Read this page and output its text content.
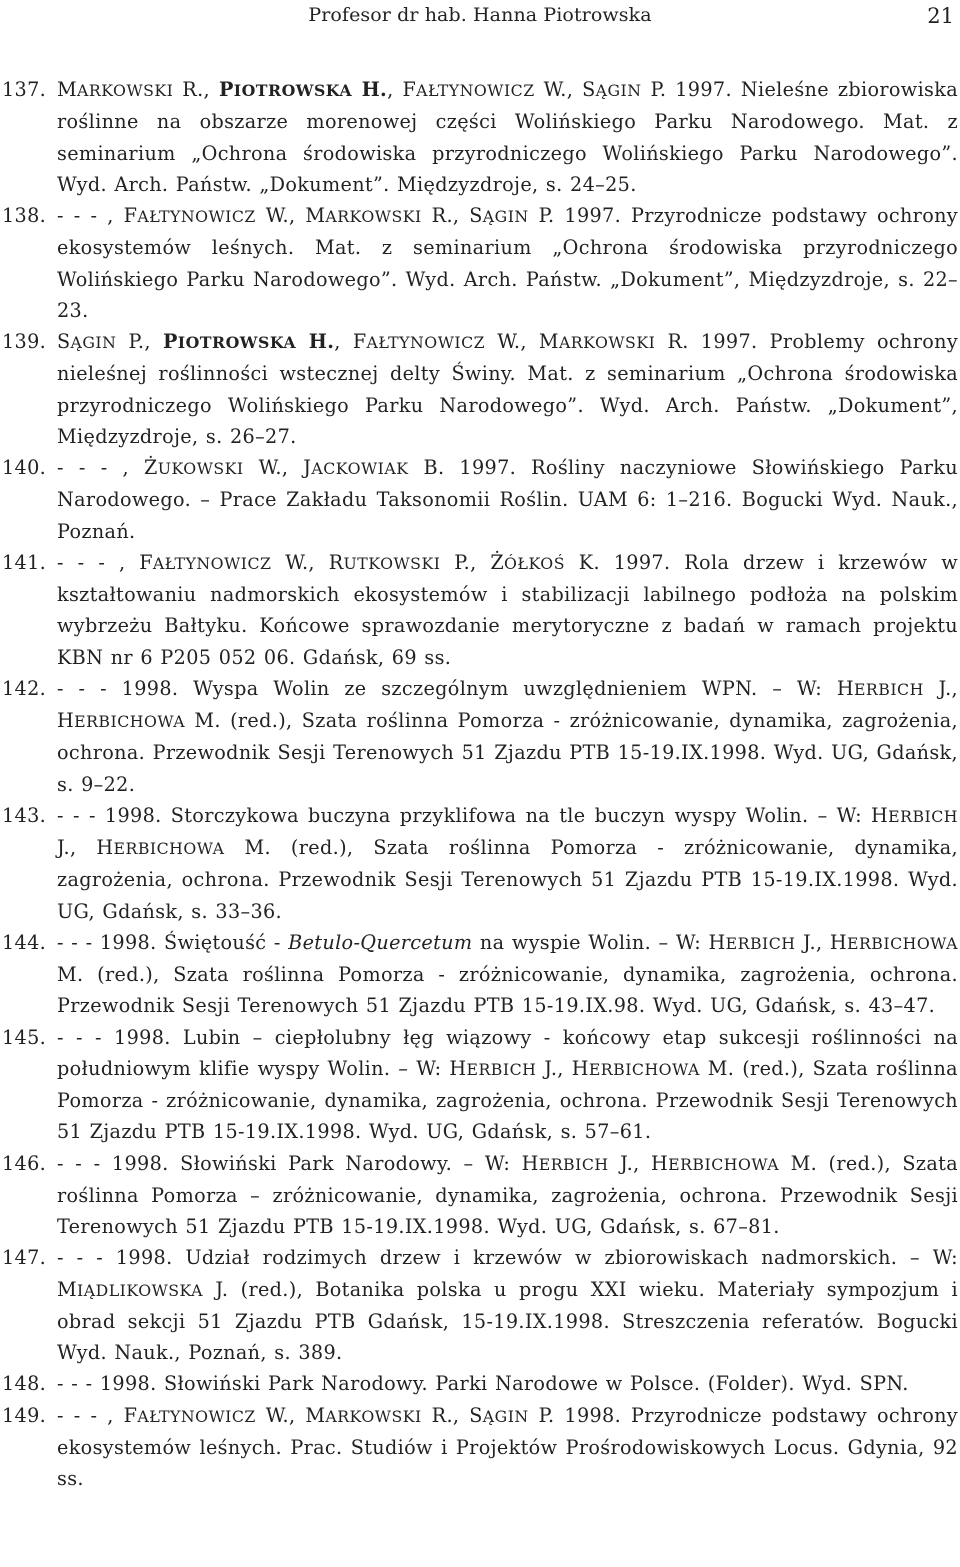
Profesor dr hab. Hanna Piotrowska	21
137. MARKOWSKI R., PIOTROWSKA H., FAŁTYNOWICZ W., SĄGIN P. 1997. Nieleśne zbiorowiska roślinne na obszarze morenowej części Wolińskiego Parku Narodowego. Mat. z seminarium „Ochrona środowiska przyrodniczego Wolińskiego Parku Narodowego”. Wyd. Arch. Państw. „Dokument”. Międzyzdroje, s. 24–25.
138. - - - , FAŁTYNOWICZ W., MARKOWSKI R., SĄGIN P. 1997. Przyrodnicze podstawy ochrony ekosystemów leśnych. Mat. z seminarium „Ochrona środowiska przyrodniczego Wolińskiego Parku Narodowego”. Wyd. Arch. Państw. „Dokument”, Międzyzdroje, s. 22–23.
139. SĄGIN P., PIOTROWSKA H., FAŁTYNOWICZ W., MARKOWSKI R. 1997. Problemy ochrony nieleśnej roślinności wstecznej delty Świny. Mat. z seminarium „Ochrona środowiska przyrodniczego Wolińskiego Parku Narodowego”. Wyd. Arch. Państw. „Dokument”, Międzyzdroje, s. 26–27.
140. - - - , ŻUKOWSKI W., JACKOWIAK B. 1997. Rośliny naczyniowe Słowińskiego Parku Narodowego. – Prace Zakładu Taksonomii Roślin. UAM 6: 1–216. Bogucki Wyd. Nauk., Poznań.
141. - - - , FAŁTYNOWICZ W., RUTKOWSKI P., ŻÓŁKOŚ K. 1997. Rola drzew i krzewów w kształtowaniu nadmorskich ekosystemów i stabilizacji labilnego podłoża na polskim wybrzeżu Bałtyku. Końcowe sprawozdanie merytoryczne z badań w ramach projektu KBN nr 6 P205 052 06. Gdańsk, 69 ss.
142. - - - 1998. Wyspa Wolin ze szczególnym uwzględnieniem WPN. – W: HERBICH J., HERBICHOWA M. (red.), Szata roślinna Pomorza - zróżnicowanie, dynamika, zagrożenia, ochrona. Przewodnik Sesji Terenowych 51 Zjazdu PTB 15-19.IX.1998. Wyd. UG, Gdańsk, s. 9–22.
143. - - - 1998. Storczykowa buczyna przyklifowa na tle buczyn wyspy Wolin. – W: HERBICH J., HERBICHOWA M. (red.), Szata roślinna Pomorza - zróżnicowanie, dynamika, zagrożenia, ochrona. Przewodnik Sesji Terenowych 51 Zjazdu PTB 15-19.IX.1998. Wyd. UG, Gdańsk, s. 33–36.
144. - - - 1998. Świętouść - Betulo-Quercetum na wyspie Wolin. – W: HERBICH J., HERBICHOWA M. (red.), Szata roślinna Pomorza - zróżnicowanie, dynamika, zagrożenia, ochrona. Przewodnik Sesji Terenowych 51 Zjazdu PTB 15-19.IX.98. Wyd. UG, Gdańsk, s. 43–47.
145. - - - 1998. Lubin – ciepłolubny łęg wiązowy - końcowy etap sukcesji roślinności na południowym klifie wyspy Wolin. – W: HERBICH J., HERBICHOWA M. (red.), Szata roślinna Pomorza - zróżnicowanie, dynamika, zagrożenia, ochrona. Przewodnik Sesji Terenowych 51 Zjazdu PTB 15-19.IX.1998. Wyd. UG, Gdańsk, s. 57–61.
146. - - - 1998. Słowiński Park Narodowy. – W: HERBICH J., HERBICHOWA M. (red.), Szata roślinna Pomorza – zróżnicowanie, dynamika, zagrożenia, ochrona. Przewodnik Sesji Terenowych 51 Zjazdu PTB 15-19.IX.1998. Wyd. UG, Gdańsk, s. 67–81.
147. - - - 1998. Udział rodzimych drzew i krzewów w zbiorowiskach nadmorskich. – W: MIĄDLIKOWSKA J. (red.), Botanika polska u progu XXI wieku. Materiały sympozjum i obrad sekcji 51 Zjazdu PTB Gdańsk, 15-19.IX.1998. Streszczenia referatów. Bogucki Wyd. Nauk., Poznań, s. 389.
148. - - - 1998. Słowiński Park Narodowy. Parki Narodowe w Polsce. (Folder). Wyd. SPN.
149. - - - , FAŁTYNOWICZ W., MARKOWSKI R., SĄGIN P. 1998. Przyrodnicze podstawy ochrony ekosystemów leśnych. Prac. Studiów i Projektów Prośrodowiskowych Locus. Gdynia, 92 ss.
